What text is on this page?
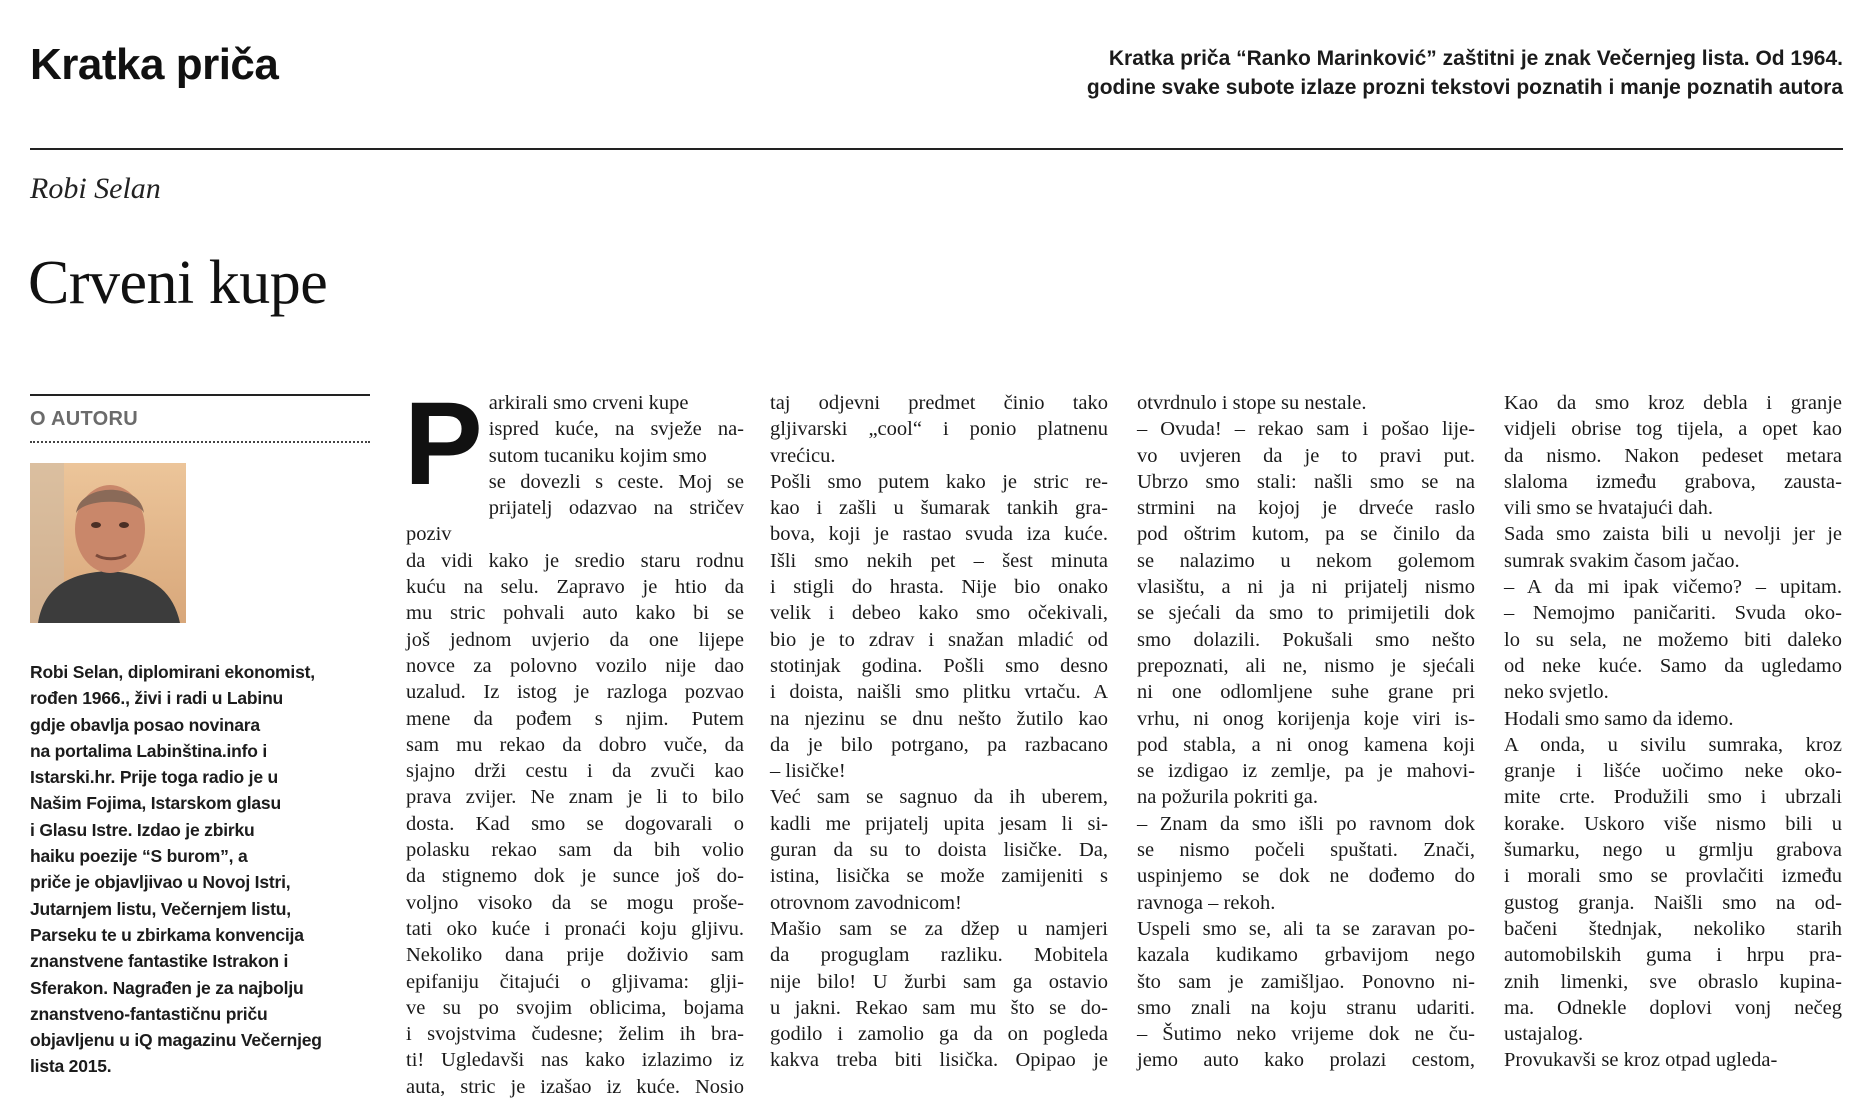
Kratka priča	Kratka priča “Ranko Marinković” zaštitni je znak Večernjeg lista. Od 1964.
godine svake subote izlaze prozni tekstovi poznatih i manje poznatih autora
Robi Selan
Crveni kupe
O AUTORU
Robi Selan, diplomirani ekonomist,
rođen 1966., živi i radi u Labinu
gdje obavlja posao novinara
na portalima Labinština.info i
Istarski.hr. Prije toga radio je u
Našim Fojima, Istarskom glasu
i Glasu Istre. Izdao je zbirku
haiku poezije “S burom”, a
priče je objavljivao u Novoj Istri,
Jutarnjem listu, Večernjem listu,
Parseku te u zbirkama konvencija
znanstvene fantastike Istrakon i
Sferakon. Nagrađen je za najbolju
znanstveno-fantastičnu priču
objavljenu u iQ magazinu Večernjeg
lista 2015.
P arkirali smo crveni kupe

ispred kuće, na svježe na-

sutom tucaniku kojim smo

se dovezli s ceste. Moj se

prijatelj odazvao na stričev poziv

da vidi kako je sredio staru rodnu

kuću na selu. Zapravo je htio da

mu stric pohvali auto kako bi se

još jednom uvjerio da one lijepe

novce za polovno vozilo nije dao

uzalud. Iz istog je razloga pozvao

mene da pođem s njim. Putem

sam mu rekao da dobro vuče, da

sjajno drži cestu i da zvuči kao

prava zvijer. Ne znam je li to bilo

dosta. Kad smo se dogovarali o

polasku rekao sam da bih volio

da stignemo dok je sunce još do-

voljno visoko da se mogu proše-

tati oko kuće i pronaći koju gljivu.

Nekoliko dana prije doživio sam

epifaniju čitajući o gljivama: glji-

ve su po svojim oblicima, bojama

i svojstvima čudesne; želim ih bra-

ti! Ugledavši nas kako izlazimo iz

auta, stric je izašao iz kuće. Nosio

taj odjevni predmet činio tako

gljivarski „cool“ i ponio platnenu

vrećicu.

Pošli smo putem kako je stric re-

kao i zašli u šumarak tankih gra-

bova, koji je rastao svuda iza kuće.

Išli smo nekih pet – šest minuta

i stigli do hrasta. Nije bio onako

velik i debeo kako smo očekivali,

bio je to zdrav i snažan mladić od

stotinjak godina. Pošli smo desno

i doista, naišli smo plitku vrtaču. A

na njezinu se dnu nešto žutilo kao

da je bilo potrgano, pa razbacano

– lisičke!

Već sam se sagnuo da ih uberem,

kadli me prijatelj upita jesam li si-

guran da su to doista lisičke. Da,

istina, lisička se može zamijeniti s

otrovnom zavodnicom!

Mašio sam se za džep u namjeri

da proguglam razliku. Mobitela

nije bilo! U žurbi sam ga ostavio

u jakni. Rekao sam mu što se do-

godilo i zamolio ga da on pogleda

kakva treba biti lisička. Opipao je

otvrdnulo i stope su nestale.

– Ovuda! – rekao sam i pošao lije-

vo uvjeren da je to pravi put.

Ubrzo smo stali: našli smo se na

strmini na kojoj je drveće raslo

pod oštrim kutom, pa se činilo da

se nalazimo u nekom golemom

vlasištu, a ni ja ni prijatelj nismo

se sjećali da smo to primijetili dok

smo dolazili. Pokušali smo nešto

prepoznati, ali ne, nismo je sjećali

ni one odlomljene suhe grane pri

vrhu, ni onog korijenja koje viri is-

pod stabla, a ni onog kamena koji

se izdigao iz zemlje, pa je mahovi-

na požurila pokriti ga.

– Znam da smo išli po ravnom dok

se nismo počeli spuštati. Znači,

uspinjemo se dok ne dođemo do

ravnoga – rekoh.

Uspeli smo se, ali ta se zaravan po-

kazala kudikamo grbavijom nego

što sam je zamišljao. Ponovno ni-

smo znali na koju stranu udariti.

– Šutimo neko vrijeme dok ne ču-

jemo auto kako prolazi cestom,

Kao da smo kroz debla i granje

vidjeli obrise tog tijela, a opet kao

da nismo. Nakon pedeset metara

slaloma između grabova, zausta-

vili smo se hvatajući dah.

Sada smo zaista bili u nevolji jer je

sumrak svakim časom jačao.

– A da mi ipak vičemo? – upitam.

– Nemojmo paničariti. Svuda oko-

lo su sela, ne možemo biti daleko

od neke kuće. Samo da ugledamo

neko svjetlo.

Hodali smo samo da idemo.

A onda, u sivilu sumraka, kroz

granje i lišće uočimo neke oko-

mite crte. Produžili smo i ubrzali

korake. Uskoro više nismo bili u

šumarku, nego u grmlju grabova

i morali smo se provlačiti između

gustog granja. Naišli smo na od-

bačeni štednjak, nekoliko starih

automobilskih guma i hrpu pra-

znih limenki, sve obraslo kupina-

ma. Odnekle doplovi vonj nečeg

ustajalog.

Provukavši se kroz otpad ugleda-
